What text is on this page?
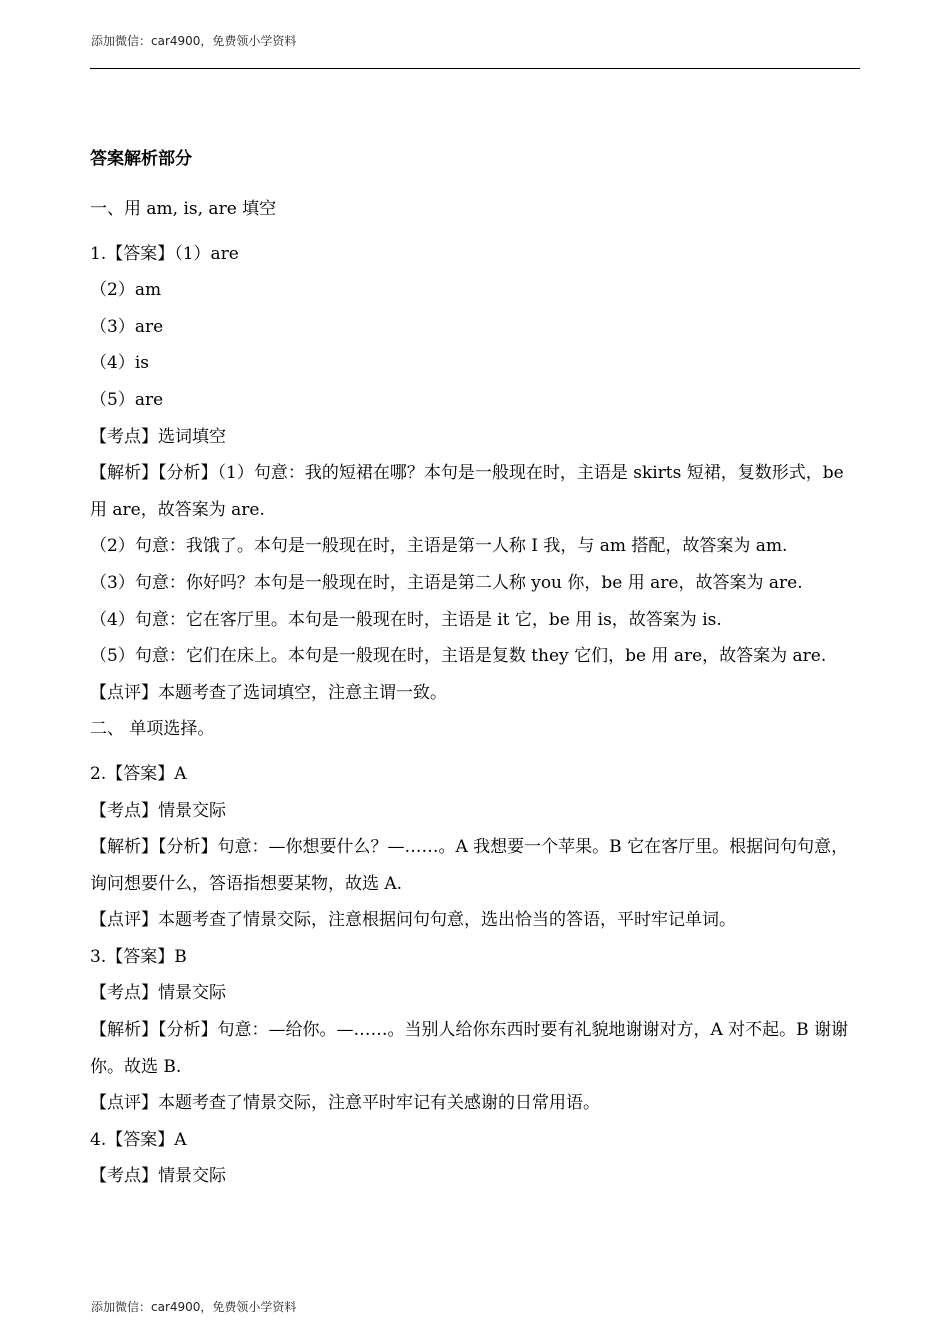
添加微信：car4900，免费领小学资料
答案解析部分
一、用 am, is, are 填空
1.【答案】（1）are
（2）am
（3）are
（4）is
（5）are
【考点】选词填空

【解析】【分析】（1）句意：我的短裙在哪？本句是一般现在时，主语是 skirts 短裙，复数形式，be 用 are，故答案为 are.

（2）句意：我饿了。本句是一般现在时，主语是第一人称 I 我，与 am 搭配，故答案为 am.
（3）句意：你好吗？本句是一般现在时，主语是第二人称 you 你，be 用 are，故答案为 are.
（4）句意：它在客厅里。本句是一般现在时，主语是 it 它，be 用 is，故答案为 is.

（5）句意：它们在床上。本句是一般现在时，主语是复数 they 它们，be 用 are，故答案为 are.

【点评】本题考查了选词填空，注意主谓一致。
二、 单项选择。
2.【答案】A
【考点】情景交际

【解析】【分析】句意：—你想要什么？—……。A 我想要一个苹果。B 它在客厅里。根据问句句意，询问想要什么，答语指想要某物，故选 A.

【点评】本题考查了情景交际，注意根据问句句意，选出恰当的答语，平时牢记单词。
3.【答案】B
【考点】情景交际

【解析】【分析】句意：—给你。—……。当别人给你东西时要有礼貌地谢谢对方，A 对不起。B 谢谢你。故选 B.

【点评】本题考查了情景交际，注意平时牢记有关感谢的日常用语。
4.【答案】A
【考点】情景交际
添加微信：car4900，免费领小学资料
